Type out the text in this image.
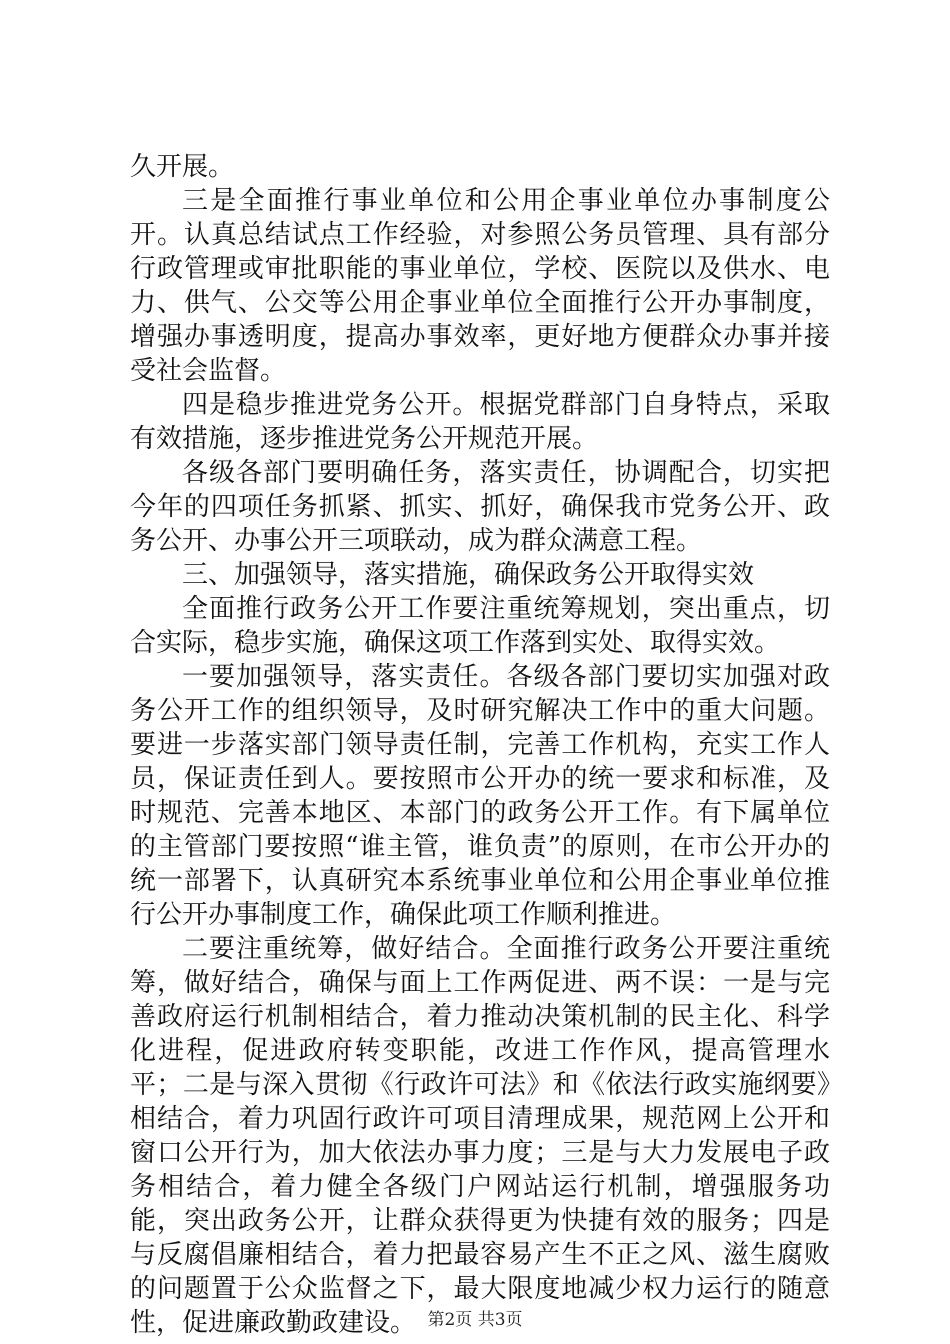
久开展。

三是全面推行事业单位和公用企事业单位办事制度公开。认真总结试点工作经验，对参照公务员管理、具有部分行政管理或审批职能的事业单位，学校、医院以及供水、电力、供气、公交等公用企事业单位全面推行公开办事制度，增强办事透明度，提高办事效率，更好地方便群众办事并接受社会监督。

四是稳步推进党务公开。根据党群部门自身特点，采取有效措施，逐步推进党务公开规范开展。

各级各部门要明确任务，落实责任，协调配合，切实把今年的四项任务抓紧、抓实、抓好，确保我市党务公开、政务公开、办事公开三项联动，成为群众满意工程。

三、加强领导，落实措施，确保政务公开取得实效

全面推行政务公开工作要注重统筹规划，突出重点，切合实际，稳步实施，确保这项工作落到实处、取得实效。

一要加强领导，落实责任。各级各部门要切实加强对政务公开工作的组织领导，及时研究解决工作中的重大问题。要进一步落实部门领导责任制，完善工作机构，充实工作人员，保证责任到人。要按照市公开办的统一要求和标准，及时规范、完善本地区、本部门的政务公开工作。有下属单位的主管部门要按照“谁主管，谁负责”的原则，在市公开办的统一部署下，认真研究本系统事业单位和公用企事业单位推行公开办事制度工作，确保此项工作顺利推进。

二要注重统筹，做好结合。全面推行政务公开要注重统筹，做好结合，确保与面上工作两促进、两不误：一是与完善政府运行机制相结合，着力推动决策机制的民主化、科学化进程，促进政府转变职能，改进工作作风，提高管理水平；二是与深入贯彻《行政许可法》和《依法行政实施纲要》相结合，着力巩固行政许可项目清理成果，规范网上公开和窗口公开行为，加大依法办事力度；三是与大力发展电子政务相结合，着力健全各级门户网站运行机制，增强服务功能，突出政务公开，让群众获得更为快捷有效的服务；四是与反腐倡廉相结合，着力把最容易产生不正之风、滋生腐败的问题置于公众监督之下，最大限度地减少权力运行的随意性，促进廉政勤政建设。 第2页 共3页
